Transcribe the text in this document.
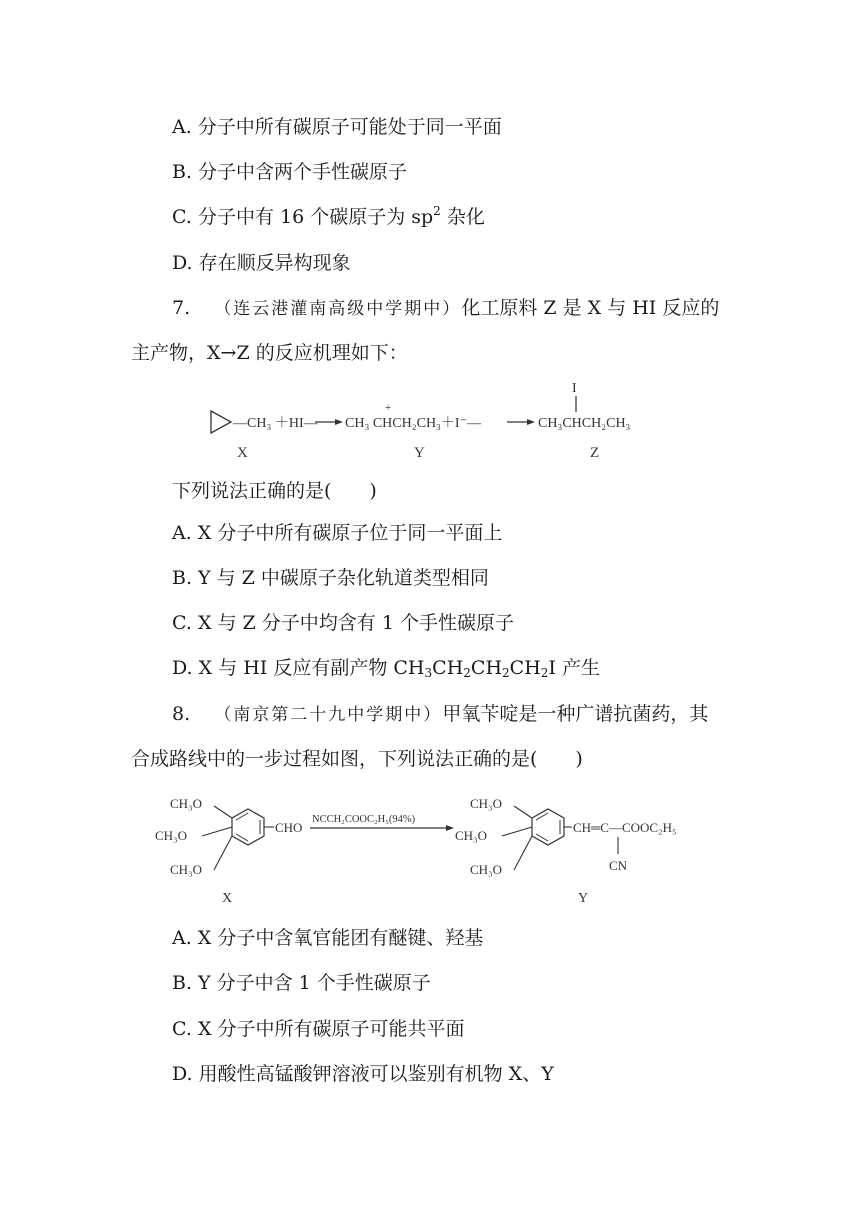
A. 分子中所有碳原子可能处于同一平面
B. 分子中含两个手性碳原子
C. 分子中有 16 个碳原子为 $sp^2$ 杂化
D. 存在顺反异构现象
7. （连云港灌南高级中学期中）化工原料 Z 是 X 与 HI 反应的
主产物，X→Z 的反应机理如下：
—CH₃ ＋HI—
+
CH₃ CHCH₂CH₃＋I⁻—
I
CH₃CHCH₂CH₃
X	Y	Z
下列说法正确的是(　　)
A. X 分子中所有碳原子位于同一平面上
B. Y 与 Z 中碳原子杂化轨道类型相同
C. X 与 Z 分子中均含有 1 个手性碳原子
D. X 与 HI 反应有副产物 $CH_3CH_2CH_2CH_2I$ 产生
8. （南京第二十九中学期中）甲氧苄啶是一种广谱抗菌药，其
合成路线中的一步过程如图，下列说法正确的是(　　)
CH₃O
CH₃O
CH₃O
CHO
X
NCCH₂COOC₂H₅(94%)
CH₃O
CH₃O
CH₃O
CH═C—COOC₂H₅
CN
Y
A. X 分子中含氧官能团有醚键、羟基
B. Y 分子中含 1 个手性碳原子
C. X 分子中所有碳原子可能共平面
D. 用酸性高锰酸钾溶液可以鉴别有机物 X、Y
